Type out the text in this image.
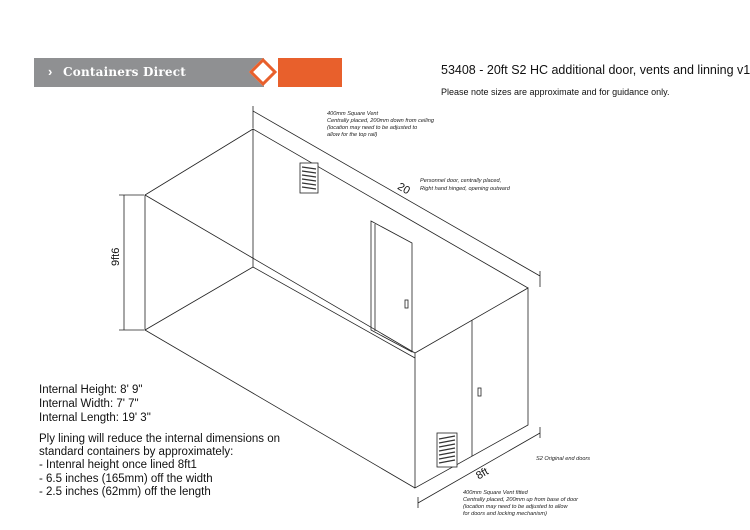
› Containers Direct	53408 - 20ft S2 HC additional door, vents and linning v1
Please note sizes are approximate and for guidance only.
20
9ft6
8ft
400mm Square Vent
Centrally placed, 200mm down from ceiling
(location may need to be adjusted to
allow for the top rail)
Personnel door, centrally placed,
Right hand hinged, opening outward
S2 Original end doors
400mm Square Vent fitted
Centrally placed, 200mm up from base of door
(location may need to be adjusted to allow
for doors and locking mechanism)
Internal Height: 8' 9"
Internal Width: 7' 7"
Internal Length: 19' 3"
Ply lining will reduce the internal dimensions on
standard containers by approximately:
- Intenral height once lined 8ft1
- 6.5 inches (165mm) off the width
- 2.5 inches (62mm) off the length
